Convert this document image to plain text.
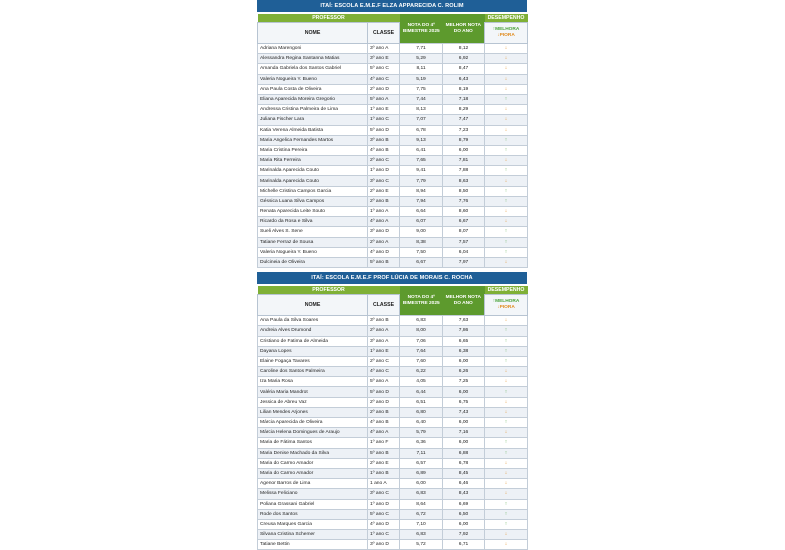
ITAÍ: ESCOLA E.M.E.F ELZA APPARECIDA C. ROLIM
PROFESSOR		NOTA DO 4º BIMESTRE 2025	MELHOR NOTA DO ANO	DESEMPENHO
NOME	CLASSE			↑MELHORA
↓PIORA

Adriana Marengoni	3º ano A	7,71	8,12	↓
Alessandra Regina Santanna Matias	3º ano E	5,29	6,92	↓
Amanda Gabriela dos Santos Gabriel	5º ano C	8,11	8,47	↓
Valeria Nogueira Y. Bueno	4º ano C	5,19	6,43	↓
Ana Paula Costa de Oliveira	2º ano D	7,75	8,19	↓
Eliana Aparecida Moreira Gregorio	5º ano A	7,44	7,18	↑
Andressa Cristina Palmeira de Lima	1º ano E	8,13	8,29	↓
Juliana Fischer Lara	1º ano C	7,07	7,47	↓
Katia Verena Almeida Batista	5º ano D	6,78	7,23	↓
Maria Angelica Fernandes Martos	3º ano B	9,13	8,79	↑
Maria Cristina Pereira	4º ano B	6,41	6,00	↑
Maria Rita Ferreira	2º ano C	7,65	7,81	↓
Marinalda Aparecida Couto	1º ano D	9,41	7,88	↑
Marinalda Aparecida Couto	3º ano C	7,79	8,63	↓
Michelle Cristina Campos Garcia	2º ano E	8,94	8,50	↑
Géssica Luana Silva Campos	2º ano B	7,94	7,76	↑
Renata Aparecida Leite Souto	1º ano A	6,64	8,60	↓
Ricardo da Rosa e Silva	4º ano A	6,07	6,67	↓
Sueli Alves S. Sene	3º ano D	9,00	8,07	↑
Tatiane Ferraz de Sousa	2º ano A	8,38	7,57	↑
Valeria Nogueira Y. Bueno	4º ano D	7,50	6,04	↑
Dulcineia de Oliveira	5º ano B	6,67	7,97	↓
ITAÍ: ESCOLA E.M.E.F PROF LÚCIA DE MORAIS C. ROCHA
PROFESSOR		NOTA DO 4º BIMESTRE 2025	MELHOR NOTA DO ANO	DESEMPENHO
NOME	CLASSE			↑MELHORA
↓PIORA

Ana Paula da Silva Soares	3º ano B	6,83	7,63	↓
Andreia Alves Drumond	2º ano A	8,00	7,86	↑
Cristiano de Fatima de Almeida	3º ano A	7,06	6,65	↑
Dayana Lopes	1º ano E	7,64	6,38	↑
Elaine Fogaça Tavares	2º ano C	7,60	6,00	↑
Caroline dos Santos Palmeira	4º ano C	6,22	6,26	↓
Iza Maria Rosa	5º ano A	4,05	7,25	↓
Valéria Maria Mandrot	5º ano D	6,44	6,00	↑
Jessica de Abreu Vaz	2º ano D	6,51	6,75	↓
Lilian Mendes Arjones	2º ano B	6,80	7,43	↓
Márcia Aparecida de Oliveira	4º ano B	6,40	6,00	↑
Márcia Helena Domingues de Araujo	4º ano A	5,79	7,16	↓
Maria de Fátima Santos	1º ano F	6,36	6,00	↑
Maria Denise Machado da Silva	5º ano B	7,11	6,88	↑
Maria do Carmo Amador	2º ano E	6,57	6,78	↓
Maria do Carmo Amador	1º ano B	6,89	8,45	↓
Agenor Barros de Lima	1 ano A	6,00	6,46	↓
Melissa Feliciano	3º ano C	6,83	8,43	↓
Poliana Grassani Gabriel	1º ano D	8,64	6,69	↑
Rode dos Santos	5º ano C	6,72	6,50	↑
Creusa Marques Garcia	4º ano D	7,10	6,00	↑
Silvana Cristina Schemer	1º ano C	6,83	7,92	↓
Tatiane Bettin	3º ano D	5,72	6,71	↓
